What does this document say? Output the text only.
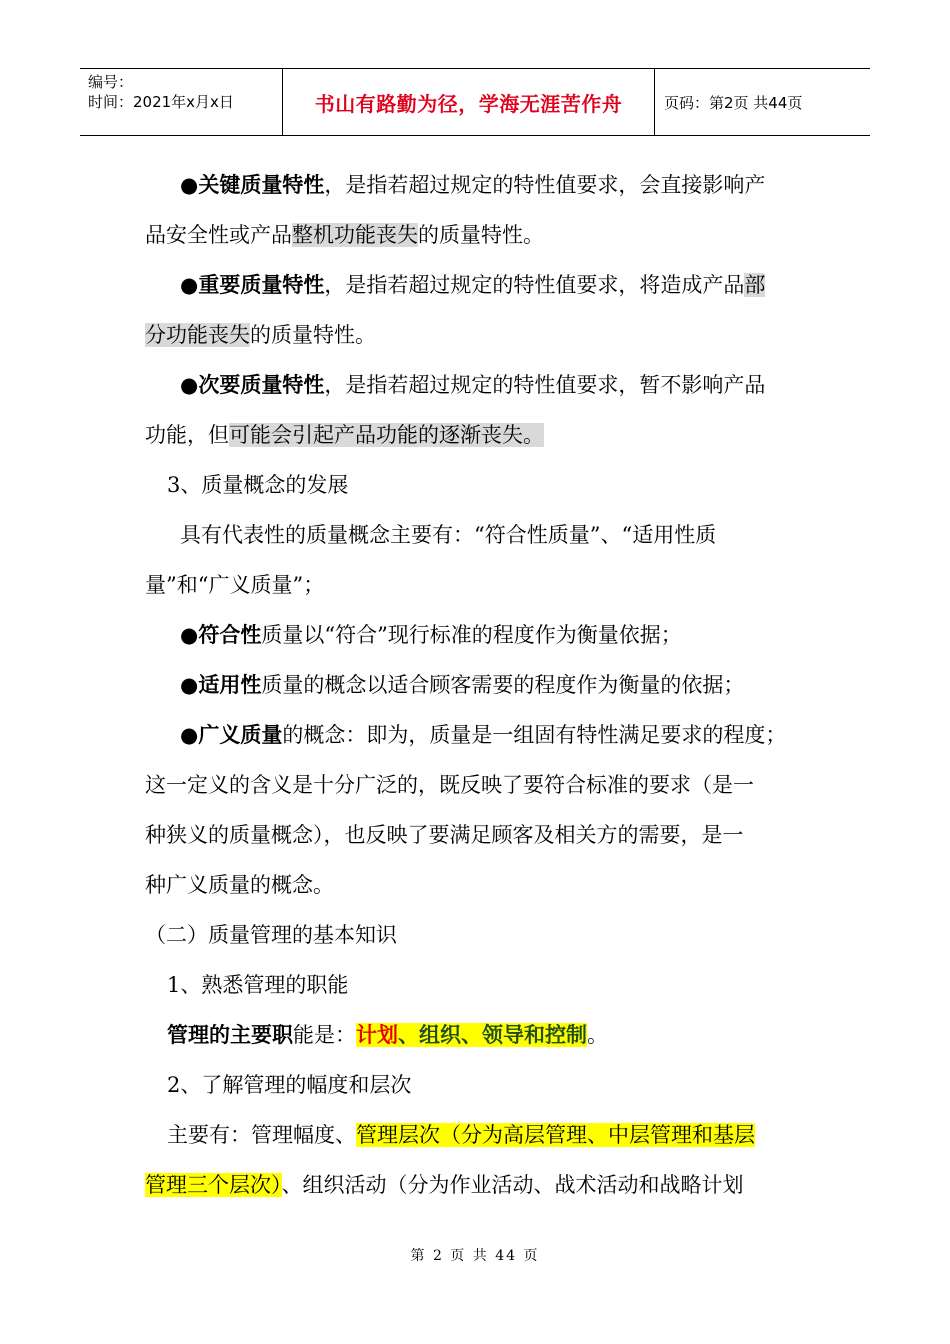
编号：
时间：2021年x月x日	书山有路勤为径，学海无涯苦作舟	页码：第2页 共44页
●关键质量特性，是指若超过规定的特性值要求，会直接影响产
品安全性或产品整机功能丧失的质量特性。
●重要质量特性，是指若超过规定的特性值要求，将造成产品部
分功能丧失的质量特性。
●次要质量特性，是指若超过规定的特性值要求，暂不影响产品
功能，但可能会引起产品功能的逐渐丧失。
3、质量概念的发展
具有代表性的质量概念主要有：“符合性质量”、“适用性质
量”和“广义质量”；
●符合性质量以“符合”现行标准的程度作为衡量依据；
●适用性质量的概念以适合顾客需要的程度作为衡量的依据；
●广义质量的概念：即为，质量是一组固有特性满足要求的程度；
这一定义的含义是十分广泛的，既反映了要符合标准的要求（是一
种狭义的质量概念），也反映了要满足顾客及相关方的需要，是一
种广义质量的概念。
（二）质量管理的基本知识
1、熟悉管理的职能
管理的主要职能是：计划、组织、领导和控制。
2、了解管理的幅度和层次
主要有：管理幅度、管理层次（分为高层管理、中层管理和基层
管理三个层次）、组织活动（分为作业活动、战术活动和战略计划
第 2 页 共 44 页
